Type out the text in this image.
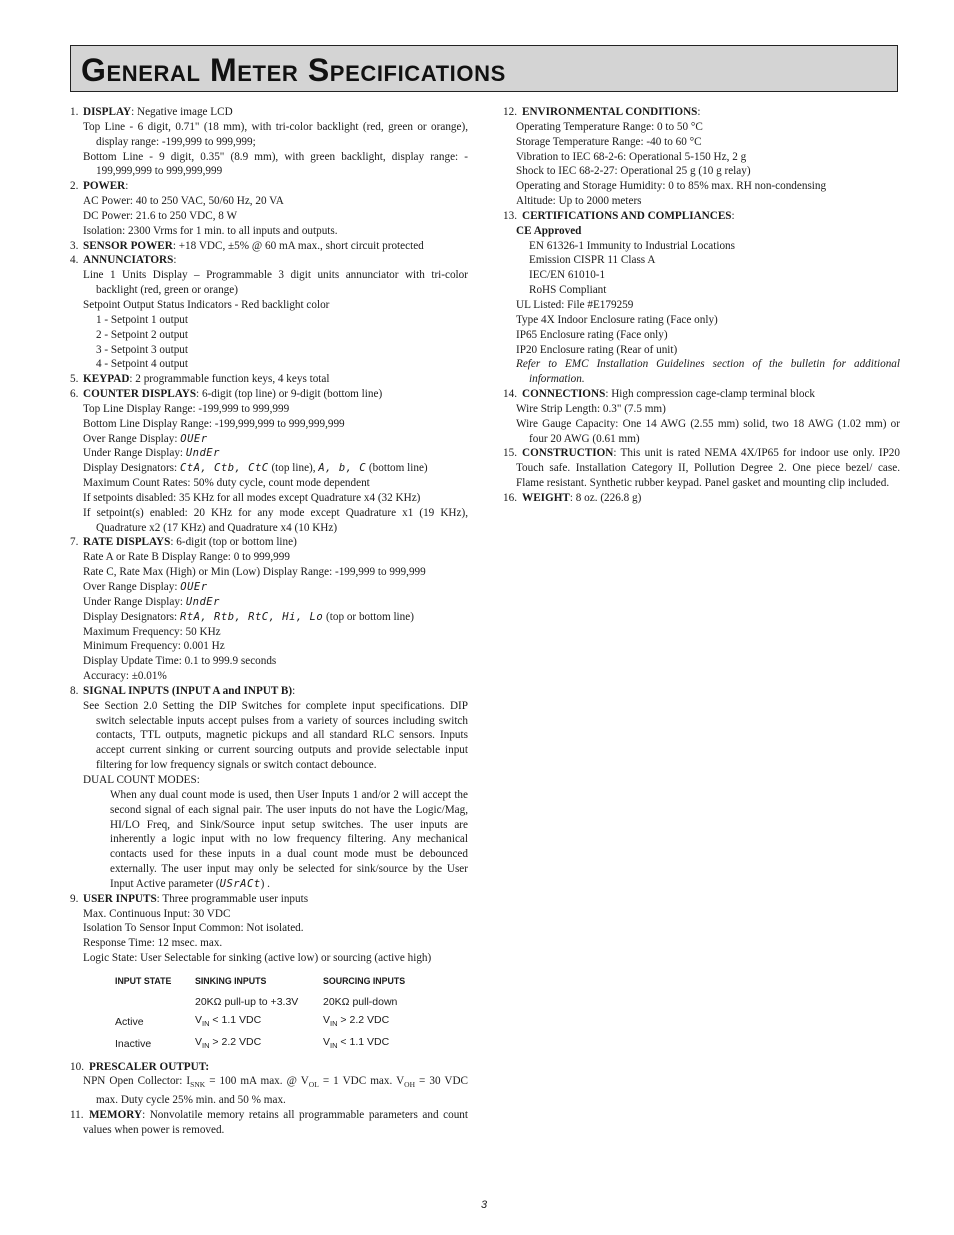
General Meter Specifications
1. DISPLAY: Negative image LCD
Top Line - 6 digit, 0.71" (18 mm), with tri-color backlight (red, green or orange), display range: -199,999 to 999,999;
Bottom Line - 9 digit, 0.35" (8.9 mm), with green backlight, display range: - 199,999,999 to 999,999,999
2. POWER:
AC Power: 40 to 250 VAC, 50/60 Hz, 20 VA
DC Power: 21.6 to 250 VDC, 8 W
Isolation: 2300 Vrms for 1 min. to all inputs and outputs.
3. SENSOR POWER: +18 VDC, ±5% @ 60 mA max., short circuit protected
4. ANNUNCIATORS:
Line 1 Units Display – Programmable 3 digit units annunciator with tri-color backlight (red, green or orange)
Setpoint Output Status Indicators - Red backlight color
1 - Setpoint 1 output
2 - Setpoint 2 output
3 - Setpoint 3 output
4 - Setpoint 4 output
5. KEYPAD: 2 programmable function keys, 4 keys total
6. COUNTER DISPLAYS: 6-digit (top line) or 9-digit (bottom line)
Top Line Display Range: -199,999 to 999,999
Bottom Line Display Range: -199,999,999 to 999,999,999
Over Range Display: OUEr
Under Range Display: UndEr
Display Designators: CtA, Ctb, CtC (top line), A, b, C (bottom line)
Maximum Count Rates: 50% duty cycle, count mode dependent
If setpoints disabled: 35 KHz for all modes except Quadrature x4 (32 KHz)
If setpoint(s) enabled: 20 KHz for any mode except Quadrature x1 (19 KHz), Quadrature x2 (17 KHz) and Quadrature x4 (10 KHz)
7. RATE DISPLAYS: 6-digit (top or bottom line)
Rate A or Rate B Display Range: 0 to 999,999
Rate C, Rate Max (High) or Min (Low) Display Range: -199,999 to 999,999
Over Range Display: OUEr
Under Range Display: UndEr
Display Designators: RtA, Rtb, RtC, Hi, Lo (top or bottom line)
Maximum Frequency: 50 KHz
Minimum Frequency: 0.001 Hz
Display Update Time: 0.1 to 999.9 seconds
Accuracy: ±0.01%
8. SIGNAL INPUTS (INPUT A and INPUT B):
See Section 2.0 Setting the DIP Switches for complete input specifications. DIP switch selectable inputs accept pulses from a variety of sources including switch contacts, TTL outputs, magnetic pickups and all standard RLC sensors. Inputs accept current sinking or current sourcing outputs and provide selectable input filtering for low frequency signals or switch contact debounce.
DUAL COUNT MODES:
When any dual count mode is used, then User Inputs 1 and/or 2 will accept the second signal of each signal pair. The user inputs do not have the Logic/Mag, HI/LO Freq, and Sink/Source input setup switches. The user inputs are inherently a logic input with no low frequency filtering. Any mechanical contacts used for these inputs in a dual count mode must be debounced externally. The user input may only be selected for sink/source by the User Input Active parameter (USrACt) .
9. USER INPUTS: Three programmable user inputs
Max. Continuous Input: 30 VDC
Isolation To Sensor Input Common: Not isolated.
Response Time: 12 msec. max.
Logic State: User Selectable for sinking (active low) or sourcing (active high)
INPUT STATE	SINKING INPUTS	SOURCING INPUTS
	20KΩ pull-up to +3.3V	20KΩ pull-down
Active	$V_{IN} < 1.1$ VDC	$V_{IN} > 2.2$ VDC
Inactive	$V_{IN} > 2.2$ VDC	$V_{IN} < 1.1$ VDC
10. PRESCALER OUTPUT:
NPN Open Collector: $I_{SNK} = 100$ mA max. @ $V_{OL} = 1$ VDC max. $V_{OH} = 30$ VDC max. Duty cycle 25% min. and 50 % max.
11. MEMORY: Nonvolatile memory retains all programmable parameters and count values when power is removed.
12. ENVIRONMENTAL CONDITIONS:
Operating Temperature Range: 0 to 50 °C
Storage Temperature Range: -40 to 60 °C
Vibration to IEC 68-2-6: Operational 5-150 Hz, 2 g
Shock to IEC 68-2-27: Operational 25 g (10 g relay)
Operating and Storage Humidity: 0 to 85% max. RH non-condensing
Altitude: Up to 2000 meters
13. CERTIFICATIONS AND COMPLIANCES:
CE Approved
EN 61326-1 Immunity to Industrial Locations
Emission CISPR 11 Class A
IEC/EN 61010-1
RoHS Compliant
UL Listed: File #E179259
Type 4X Indoor Enclosure rating (Face only)
IP65 Enclosure rating (Face only)
IP20 Enclosure rating (Rear of unit)
Refer to EMC Installation Guidelines section of the bulletin for additional information.
14. CONNECTIONS: High compression cage-clamp terminal block
Wire Strip Length: 0.3" (7.5 mm)
Wire Gauge Capacity: One 14 AWG (2.55 mm) solid, two 18 AWG (1.02 mm) or four 20 AWG (0.61 mm)
15. CONSTRUCTION: This unit is rated NEMA 4X/IP65 for indoor use only. IP20 Touch safe. Installation Category II, Pollution Degree 2. One piece bezel/ case. Flame resistant. Synthetic rubber keypad. Panel gasket and mounting clip included.
16. WEIGHT: 8 oz. (226.8 g)
3
